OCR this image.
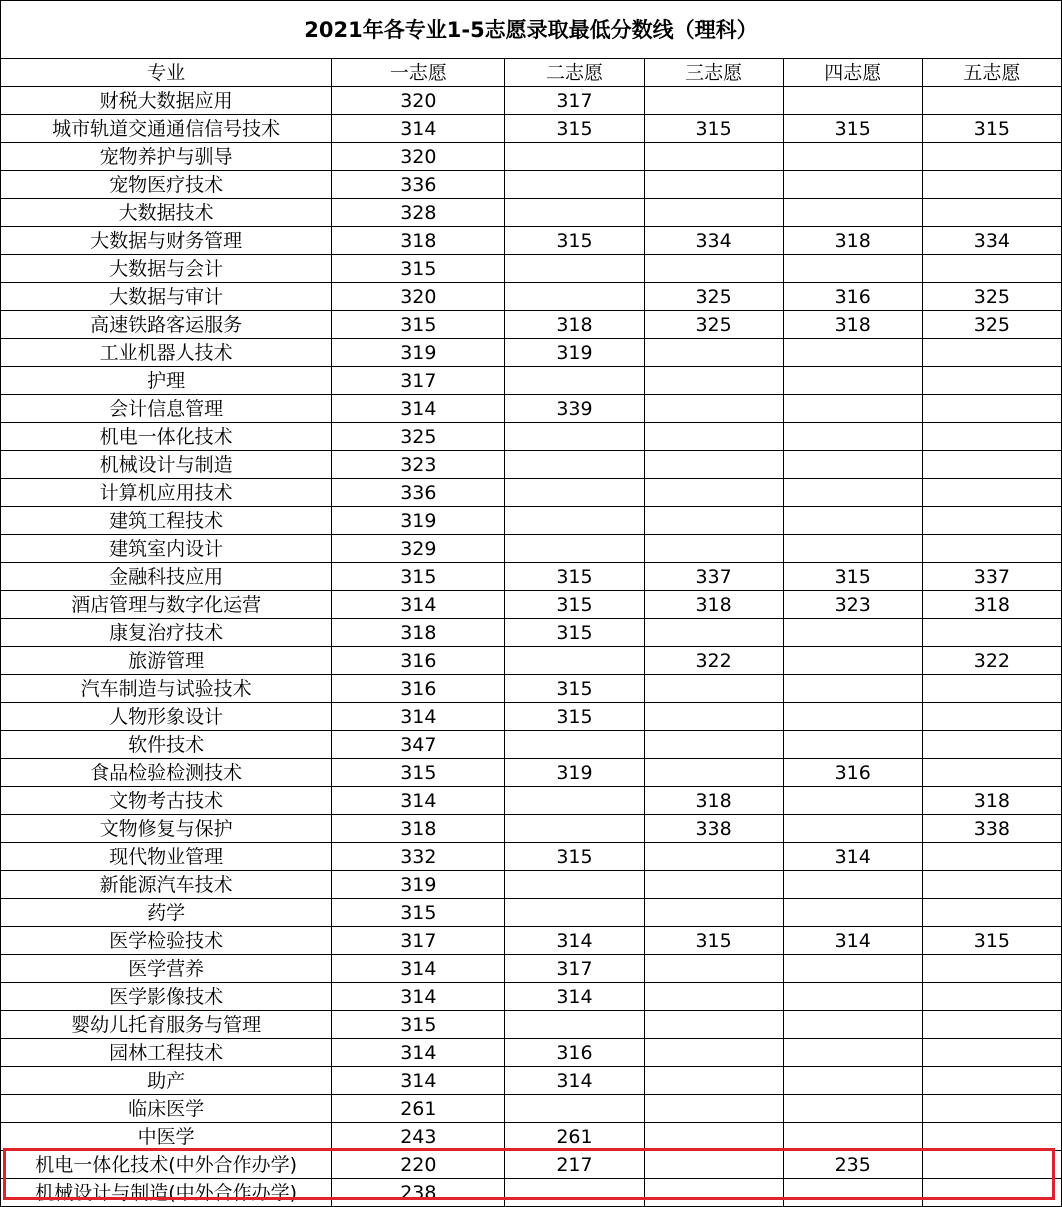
2021年各专业1-5志愿录取最低分数线（理科）					
专业	一志愿	二志愿	三志愿	四志愿	五志愿
财税大数据应用	320	317			
城市轨道交通通信信号技术	314	315	315	315	315
宠物养护与驯导	320				
宠物医疗技术	336				
大数据技术	328				
大数据与财务管理	318	315	334	318	334
大数据与会计	315				
大数据与审计	320		325	316	325
高速铁路客运服务	315	318	325	318	325
工业机器人技术	319	319			
护理	317				
会计信息管理	314	339			
机电一体化技术	325				
机械设计与制造	323				
计算机应用技术	336				
建筑工程技术	319				
建筑室内设计	329				
金融科技应用	315	315	337	315	337
酒店管理与数字化运营	314	315	318	323	318
康复治疗技术	318	315			
旅游管理	316		322		322
汽车制造与试验技术	316	315			
人物形象设计	314	315			
软件技术	347				
食品检验检测技术	315	319		316	
文物考古技术	314		318		318
文物修复与保护	318		338		338
现代物业管理	332	315		314	
新能源汽车技术	319				
药学	315				
医学检验技术	317	314	315	314	315
医学营养	314	317			
医学影像技术	314	314			
婴幼儿托育服务与管理	315				
园林工程技术	314	316			
助产	314	314			
临床医学	261				
中医学	243	261			
机电一体化技术(中外合作办学)	220	217		235	
机械设计与制造(中外合作办学)	238				
